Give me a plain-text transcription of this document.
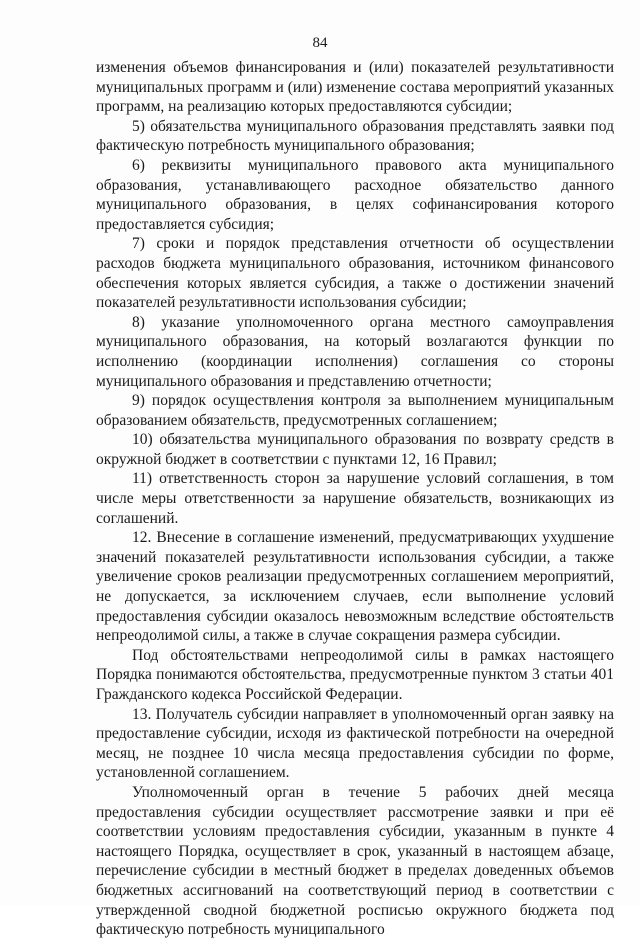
84

изменения объемов финансирования и (или) показателей результативности муниципальных программ и (или) изменение состава мероприятий указанных программ, на реализацию которых предоставляются субсидии;

5) обязательства муниципального образования представлять заявки под фактическую потребность муниципального образования;

6) реквизиты муниципального правового акта муниципального образования, устанавливающего расходное обязательство данного муниципального образования, в целях софинансирования которого предоставляется субсидия;

7) сроки и порядок представления отчетности об осуществлении расходов бюджета муниципального образования, источником финансового обеспечения которых является субсидия, а также о достижении значений показателей результативности использования субсидии;

8) указание уполномоченного органа местного самоуправления муниципального образования, на который возлагаются функции по исполнению (координации исполнения) соглашения со стороны муниципального образования и представлению отчетности;

9) порядок осуществления контроля за выполнением муниципальным образованием обязательств, предусмотренных соглашением;

10) обязательства муниципального образования по возврату средств в окружной бюджет в соответствии с пунктами 12, 16 Правил;

11) ответственность сторон за нарушение условий соглашения, в том числе меры ответственности за нарушение обязательств, возникающих из соглашений.

12. Внесение в соглашение изменений, предусматривающих ухудшение значений показателей результативности использования субсидии, а также увеличение сроков реализации предусмотренных соглашением мероприятий, не допускается, за исключением случаев, если выполнение условий предоставления субсидии оказалось невозможным вследствие обстоятельств непреодолимой силы, а также в случае сокращения размера субсидии.

Под обстоятельствами непреодолимой силы в рамках настоящего Порядка понимаются обстоятельства, предусмотренные пунктом 3 статьи 401 Гражданского кодекса Российской Федерации.

13. Получатель субсидии направляет в уполномоченный орган заявку на предоставление субсидии, исходя из фактической потребности на очередной месяц, не позднее 10 числа месяца предоставления субсидии по форме, установленной соглашением.

Уполномоченный орган в течение 5 рабочих дней месяца предоставления субсидии осуществляет рассмотрение заявки и при её соответствии условиям предоставления субсидии, указанным в пункте 4 настоящего Порядка, осуществляет в срок, указанный в настоящем абзаце, перечисление субсидии в местный бюджет в пределах доведенных объемов бюджетных ассигнований на соответствующий период в соответствии с утвержденной сводной бюджетной росписью окружного бюджета под фактическую потребность муниципального
